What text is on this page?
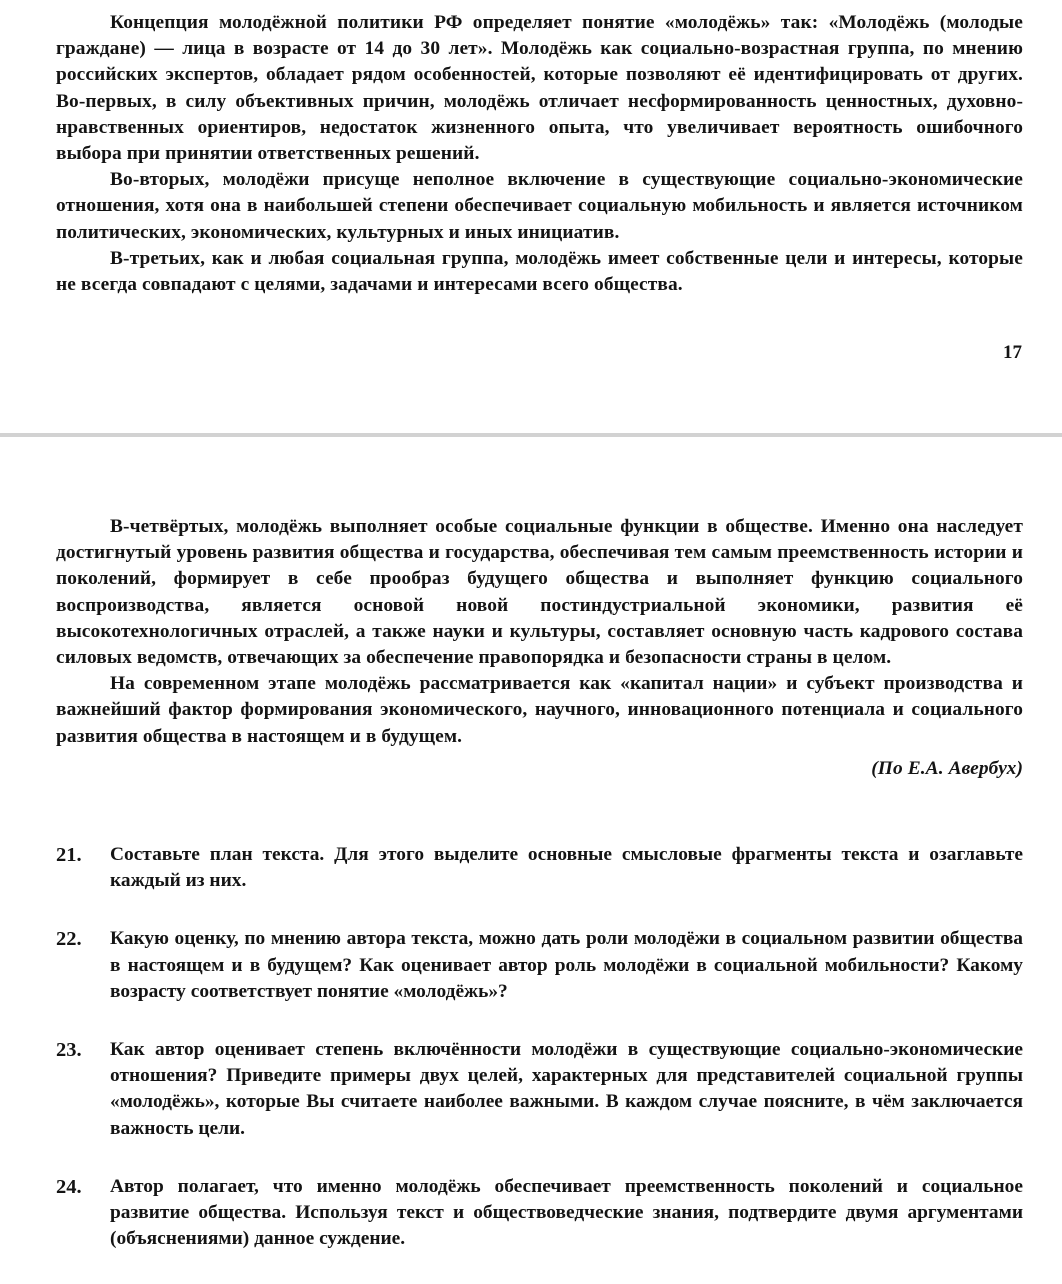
Концепция молодёжной политики РФ определяет понятие «молодёжь» так: «Молодёжь (молодые граждане) — лица в возрасте от 14 до 30 лет». Молодёжь как социально-возрастная группа, по мнению российских экспертов, обладает рядом особенностей, которые позволяют её идентифицировать от других. Во-первых, в силу объективных причин, молодёжь отличает несформированность ценностных, духовно-нравственных ориентиров, недостаток жизненного опыта, что увеличивает вероятность ошибочного выбора при принятии ответственных решений.

Во-вторых, молодёжи присуще неполное включение в существующие социально-экономические отношения, хотя она в наибольшей степени обеспечивает социальную мобильность и является источником политических, экономических, культурных и иных инициатив.

В-третьих, как и любая социальная группа, молодёжь имеет собственные цели и интересы, которые не всегда совпадают с целями, задачами и интересами всего общества.

17

В-четвёртых, молодёжь выполняет особые социальные функции в обществе. Именно она наследует достигнутый уровень развития общества и государства, обеспечивая тем самым преемственность истории и поколений, формирует в себе прообраз будущего общества и выполняет функцию социального воспроизводства, является основой новой постиндустриальной экономики, развития её высокотехнологичных отраслей, а также науки и культуры, составляет основную часть кадрового состава силовых ведомств, отвечающих за обеспечение правопорядка и безопасности страны в целом.

На современном этапе молодёжь рассматривается как «капитал нации» и субъект производства и важнейший фактор формирования экономического, научного, инновационного потенциала и социального развития общества в настоящем и в будущем.

(По Е.А. Авербух)
21. Составьте план текста. Для этого выделите основные смысловые фрагменты текста и озаглавьте каждый из них.
22. Какую оценку, по мнению автора текста, можно дать роли молодёжи в социальном развитии общества в настоящем и в будущем? Как оценивает автор роль молодёжи в социальной мобильности? Какому возрасту соответствует понятие «молодёжь»?
23. Как автор оценивает степень включённости молодёжи в существующие социально-экономические отношения? Приведите примеры двух целей, характерных для представителей социальной группы «молодёжь», которые Вы считаете наиболее важными. В каждом случае поясните, в чём заключается важность цели.
24. Автор полагает, что именно молодёжь обеспечивает преемственность поколений и социальное развитие общества. Используя текст и обществоведческие знания, подтвердите двумя аргументами (объяснениями) данное суждение.
